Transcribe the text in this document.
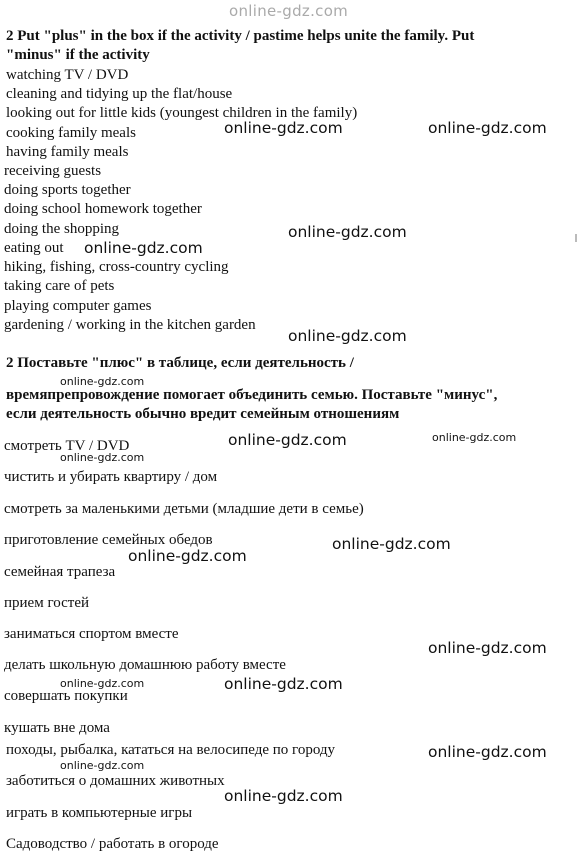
online-gdz.com
2 Put "plus" in the box if the activity / pastime helps unite the family. Put
"minus" if the activity
watching TV / DVD
cleaning and tidying up the flat/house
looking out for little kids (youngest children in the family)
cooking family meals
having family meals
receiving guests
doing sports together
doing school homework together
doing the shopping
eating out
hiking, fishing, cross-country cycling
taking care of pets
playing computer games
gardening / working in the kitchen garden
2 Поставьте "плюс" в таблице, если деятельность /
времяпрепровождение помогает объединить семью. Поставьте "минус",
если деятельность обычно вредит семейным отношениям
смотреть TV / DVD
чистить и убирать квартиру / дом
смотреть за маленькими детьми (младшие дети в семье)
приготовление семейных обедов
семейная трапеза
прием гостей
заниматься спортом вместе
делать школьную домашнюю работу вместе
совершать покупки
кушать вне дома
походы, рыбалка, кататься на велосипеде по городу
заботиться о домашних животных
играть в компьютерные игры
Садоводство / работать в огороде
online-gdz.com	online-gdz.com
online-gdz.com
online-gdz.com
online-gdz.com
online-gdz.com
online-gdz.com	online-gdz.com
online-gdz.com
online-gdz.com
online-gdz.com
online-gdz.com
online-gdz.com	online-gdz.com
online-gdz.com
online-gdz.com
online-gdz.com
